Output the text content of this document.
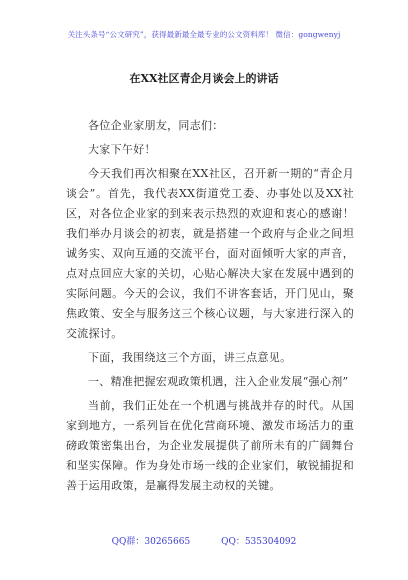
关注头条号“公文研究”，获得最新最全最专业的公文资料库！ 微信：gongwenyj
在XX社区青企月谈会上的讲话

各位企业家朋友，同志们：

大家下午好！

今天我们再次相聚在XX社区，召开新一期的“青企月谈会”。首先，我代表XX街道党工委、办事处以及XX社区，对各位企业家的到来表示热烈的欢迎和衷心的感谢！我们举办月谈会的初衷，就是搭建一个政府与企业之间坦诚务实、双向互通的交流平台，面对面倾听大家的声音，点对点回应大家的关切，心贴心解决大家在发展中遇到的实际问题。今天的会议，我们不讲客套话，开门见山，聚焦政策、安全与服务这三个核心议题，与大家进行深入的交流探讨。

下面，我围绕这三个方面，讲三点意见。

一、精准把握宏观政策机遇，注入企业发展“强心剂”

当前，我们正处在一个机遇与挑战并存的时代。从国家到地方，一系列旨在优化营商环境、激发市场活力的重磅政策密集出台，为企业发展提供了前所未有的广阔舞台和坚实保障。作为身处市场一线的企业家们，敏锐捕捉和善于运用政策，是赢得发展主动权的关键。

QQ群：30265665	QQ：535304092
